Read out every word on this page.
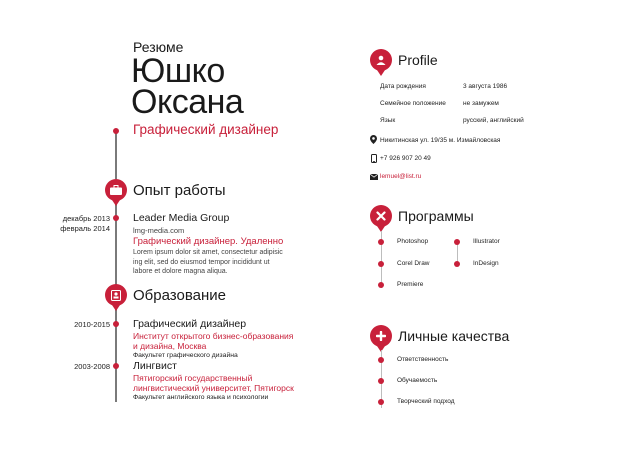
Резюме
Юшко
Оксана
Графический дизайнер
Опыт работы
декабрь 2013
февраль 2014
Leader Media Group
lmg-media.com
Графический дизайнер. Удаленно
Lorem ipsum dolor sit amet, consectetur adipisic
ing elit, sed do eiusmod tempor incididunt ut
labore et dolore magna aliqua.
Образование
2010-2015 Графический дизайнер
Институт открытого бизнес-образования
и дизайна, Москва
Факультет графического дизайна
2003-2008 Лингвист
Пятигорский государственный
лингвистический университет, Пятигорск
Факультет английского языка и психологии
Profile
Дата рождения	3 августа 1986
Семейное положение	не замужем
Язык	русский, английский
Никитинская ул. 19/35 м. Измайловская
+7 926 907 20 49
lemuel@list.ru
Программы
Photoshop
Corel Draw
Premiere
Illustrator
InDesign
Личные качества
Ответственность
Обучаемость
Творческий подход
